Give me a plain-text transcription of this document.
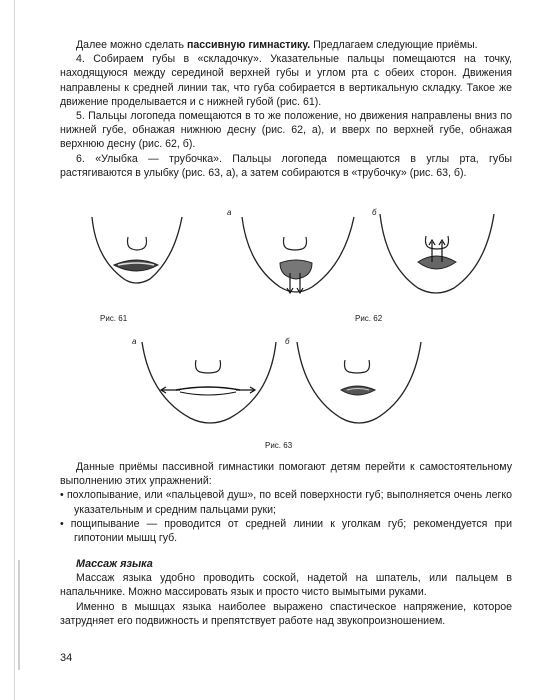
Далее можно сделать пассивную гимнастику. Предлагаем следующие приёмы.

4. Собираем губы в «складочку». Указательные пальцы помещаются на точку, находящуюся между серединой верхней губы и углом рта с обеих сторон. Движения направлены к средней линии так, что губа собирается в вертикальную складку. Такое же движение проделывается и с нижней губой (рис. 61).

5. Пальцы логопеда помещаются в то же положение, но движения направлены вниз по нижней губе, обнажая нижнюю десну (рис. 62, а), и вверх по верхней губе, обнажая верхнюю десну (рис. 62, б).

6. «Улыбка — трубочка». Пальцы логопеда помещаются в углы рта, губы растягиваются в улыбку (рис. 63, а), а затем собираются в «трубочку» (рис. 63, б).

Рис. 61
а	б
Рис. 62
а	б
Рис. 63

Данные приёмы пассивной гимнастики помогают детям перейти к самостоятельному выполнению этих упражнений:

• похлопывание, или «пальцевой душ», по всей поверхности губ; выполняется очень легко указательным и средним пальцами руки;

• пощипывание — проводится от средней линии к уголкам губ; рекомендуется при гипотонии мышц губ.

Массаж языка

Массаж языка удобно проводить соской, надетой на шпатель, или пальцем в напальчнике. Можно массировать язык и просто чисто вымытыми руками.

Именно в мышцах языка наиболее выражено спастическое напряжение, которое затрудняет его подвижность и препятствует работе над звукопроизношением.

34
